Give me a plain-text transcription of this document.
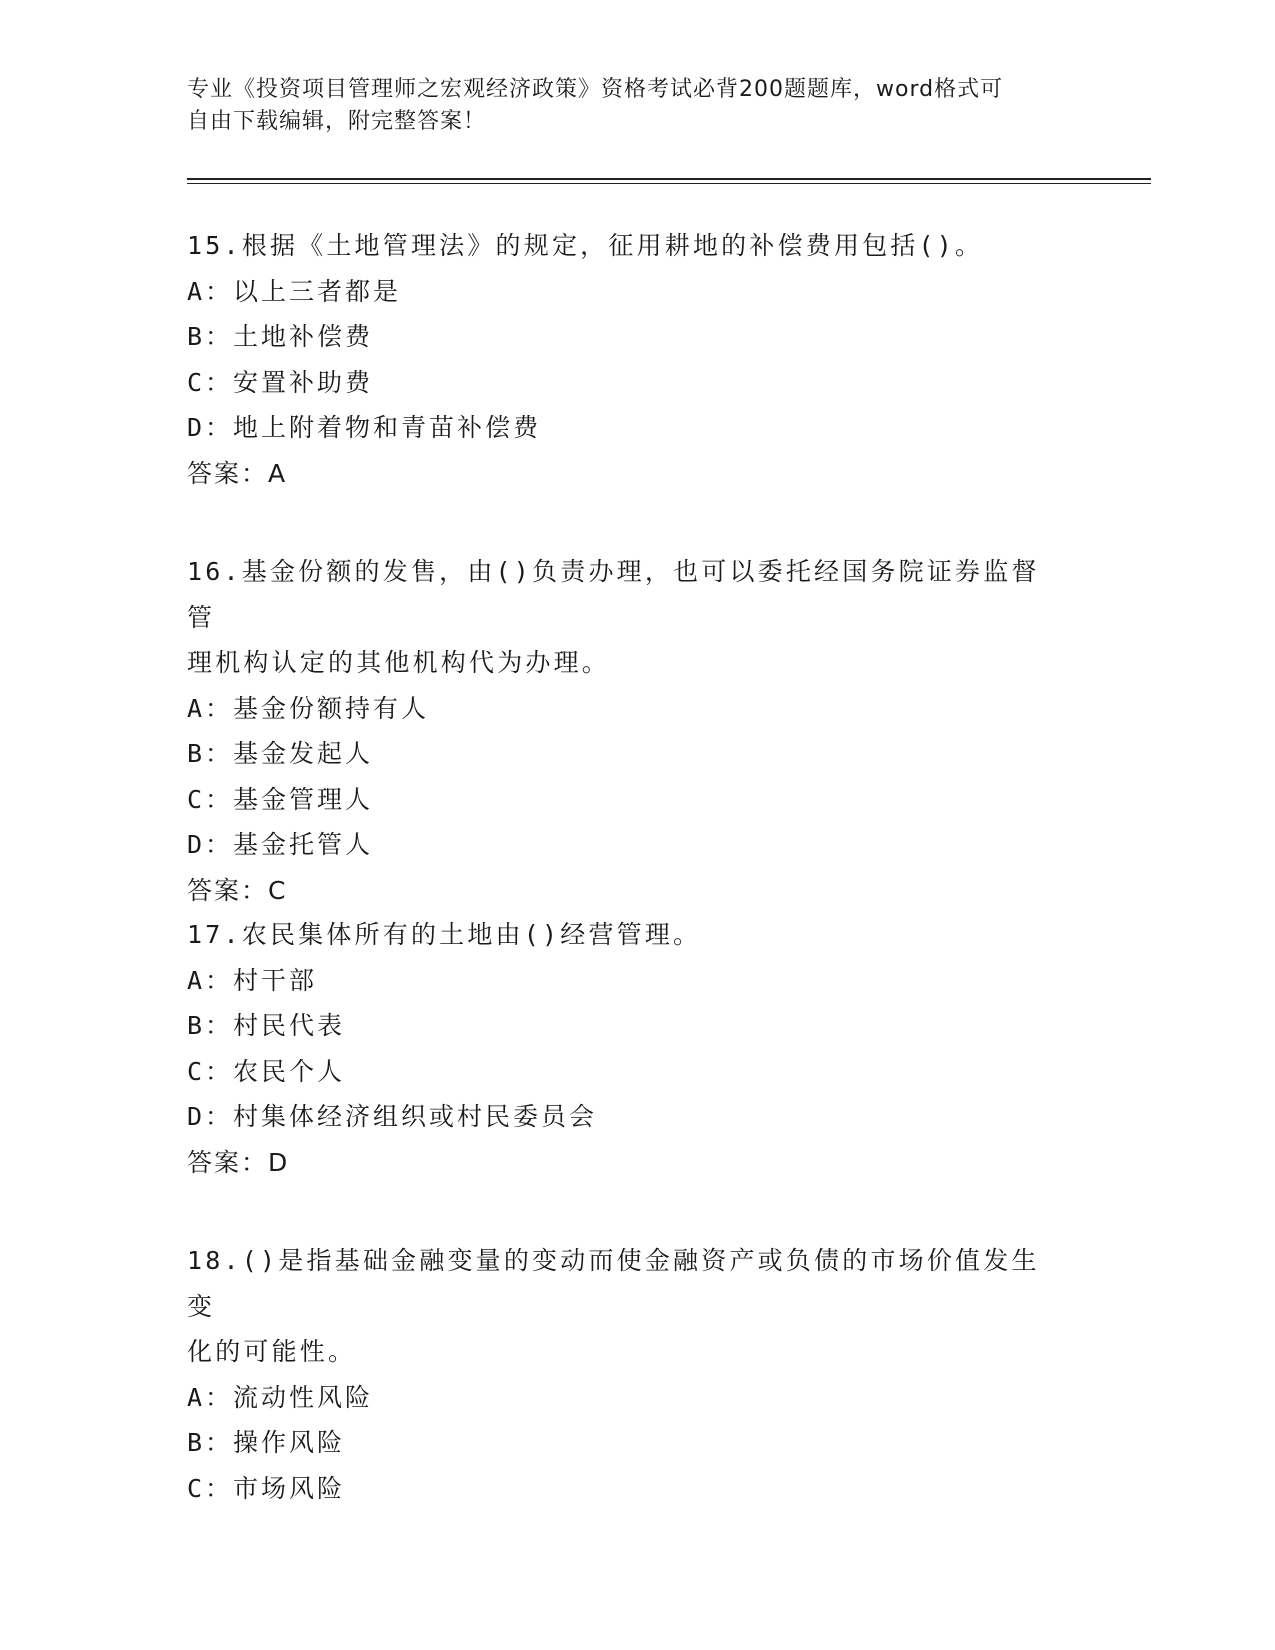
专业《投资项目管理师之宏观经济政策》资格考试必背200题题库，word格式可
自由下载编辑，附完整答案！

15.根据《土地管理法》的规定，征用耕地的补偿费用包括()。

A：以上三者都是

B：土地补偿费

C：安置补助费

D：地上附着物和青苗补偿费

答案：A

16.基金份额的发售，由()负责办理，也可以委托经国务院证券监督管

理机构认定的其他机构代为办理。

A：基金份额持有人

B：基金发起人

C：基金管理人

D：基金托管人

答案：C

17.农民集体所有的土地由()经营管理。

A：村干部

B：村民代表

C：农民个人

D：村集体经济组织或村民委员会

答案：D

18.()是指基础金融变量的变动而使金融资产或负债的市场价值发生变

化的可能性。

A：流动性风险

B：操作风险

C：市场风险
